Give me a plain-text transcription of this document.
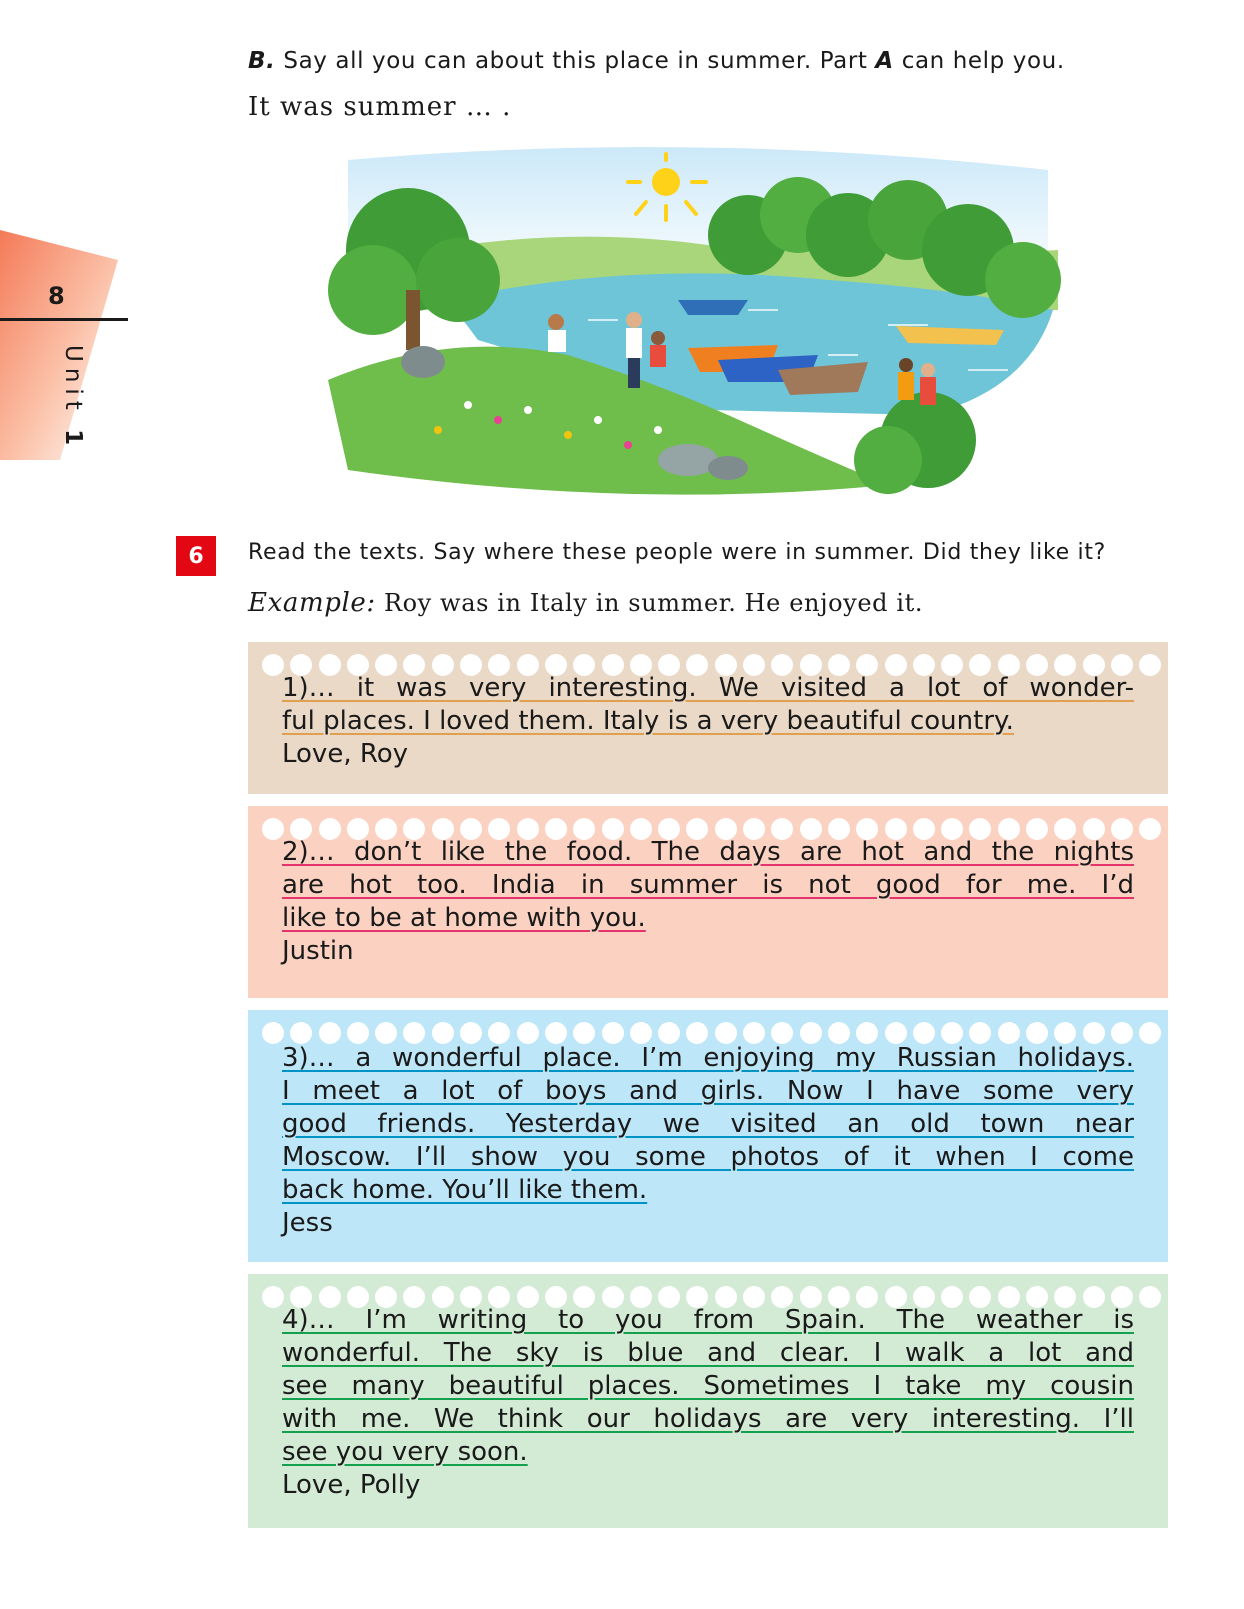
8
Unit 1
B. Say all you can about this place in summer. Part A can help you.
It was summer … .
6	Read the texts. Say where these people were in summer. Did they like it?
Example: Roy was in Italy in summer. He enjoyed it.
1)… it was very interesting. We visited a lot of wonder-
ful places. I loved them. Italy is a very beautiful country.
Love, Roy
2)… don’t like the food. The days are hot and the nights
are hot too. India in summer is not good for me. I’d
like to be at home with you.
Justin
3)… a wonderful place. I’m enjoying my Russian holidays.
I meet a lot of boys and girls. Now I have some very
good friends. Yesterday we visited an old town near
Moscow. I’ll show you some photos of it when I come
back home. You’ll like them.
Jess
4)… I’m writing to you from Spain. The weather is
wonderful. The sky is blue and clear. I walk a lot and
see many beautiful places. Sometimes I take my cousin
with me. We think our holidays are very interesting. I’ll
see you very soon.
Love, Polly
